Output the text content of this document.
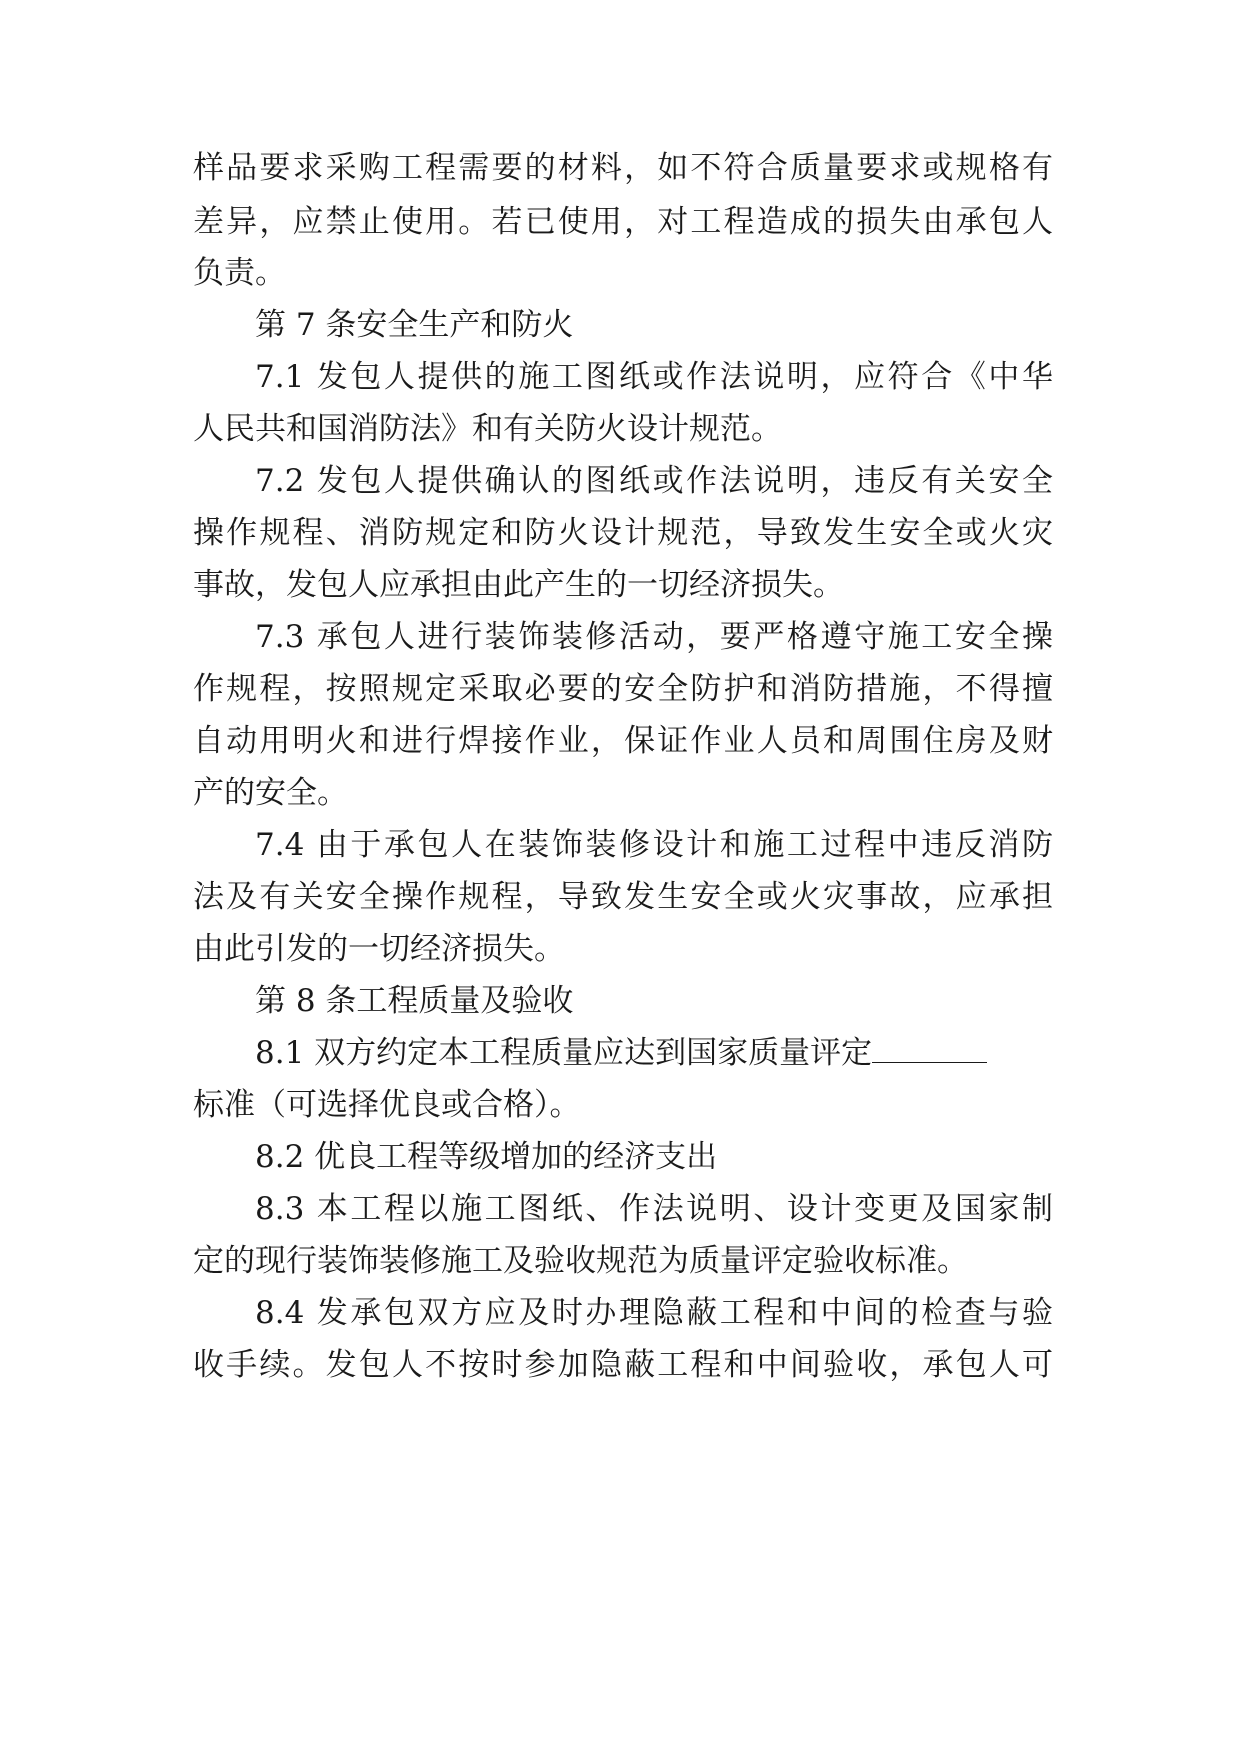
样品要求采购工程需要的材料，如不符合质量要求或规格有
差异，应禁止使用。若已使用，对工程造成的损失由承包人
负责。
第 7 条安全生产和防火
7.1 发包人提供的施工图纸或作法说明，应符合《中华
人民共和国消防法》和有关防火设计规范。
7.2 发包人提供确认的图纸或作法说明，违反有关安全
操作规程、消防规定和防火设计规范，导致发生安全或火灾
事故，发包人应承担由此产生的一切经济损失。
7.3 承包人进行装饰装修活动，要严格遵守施工安全操
作规程，按照规定采取必要的安全防护和消防措施，不得擅
自动用明火和进行焊接作业，保证作业人员和周围住房及财
产的安全。
7.4 由于承包人在装饰装修设计和施工过程中违反消防
法及有关安全操作规程，导致发生安全或火灾事故，应承担
由此引发的一切经济损失。
第 8 条工程质量及验收
8.1 双方约定本工程质量应达到国家质量评定
标准（可选择优良或合格）。
8.2 优良工程等级增加的经济支出
8.3 本工程以施工图纸、作法说明、设计变更及国家制
定的现行装饰装修施工及验收规范为质量评定验收标准。
8.4 发承包双方应及时办理隐蔽工程和中间的检查与验
收手续。发包人不按时参加隐蔽工程和中间验收，承包人可
